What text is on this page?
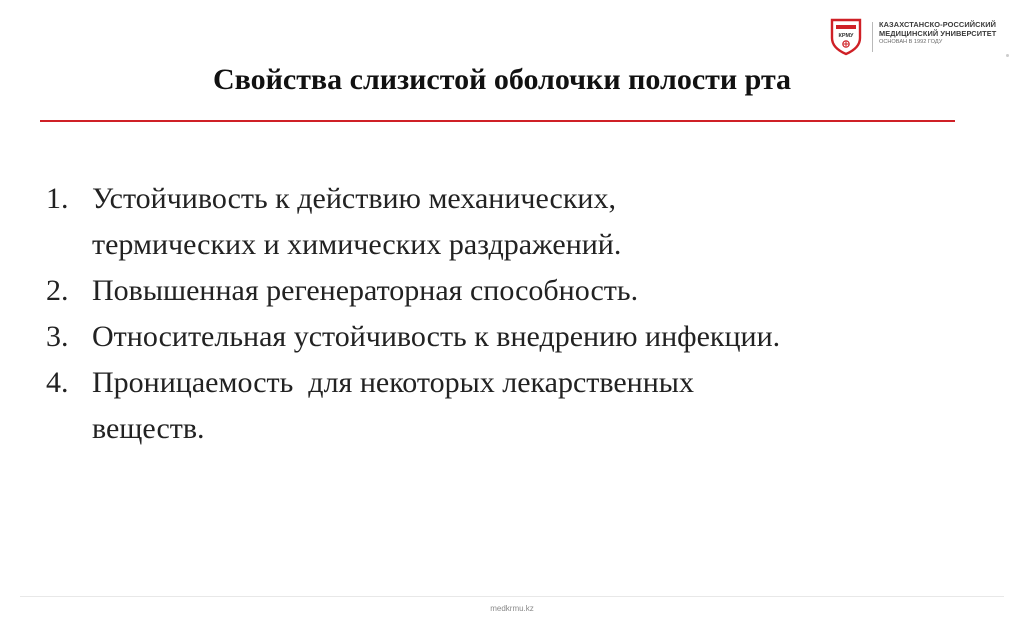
КРМУ
КАЗАХСТАНСКО-РОССИЙСКИЙ
МЕДИЦИНСКИЙ УНИВЕРСИТЕТ
ОСНОВАН В 1992 ГОДУ
Свойства слизистой оболочки полости рта
1. Устойчивость к действию механических,
термических и химических раздражений.
2. Повышенная регенераторная способность.
3. Относительная устойчивость к внедрению инфекции.
4. Проницаемость  для некоторых лекарственных
веществ.
medkrmu.kz
